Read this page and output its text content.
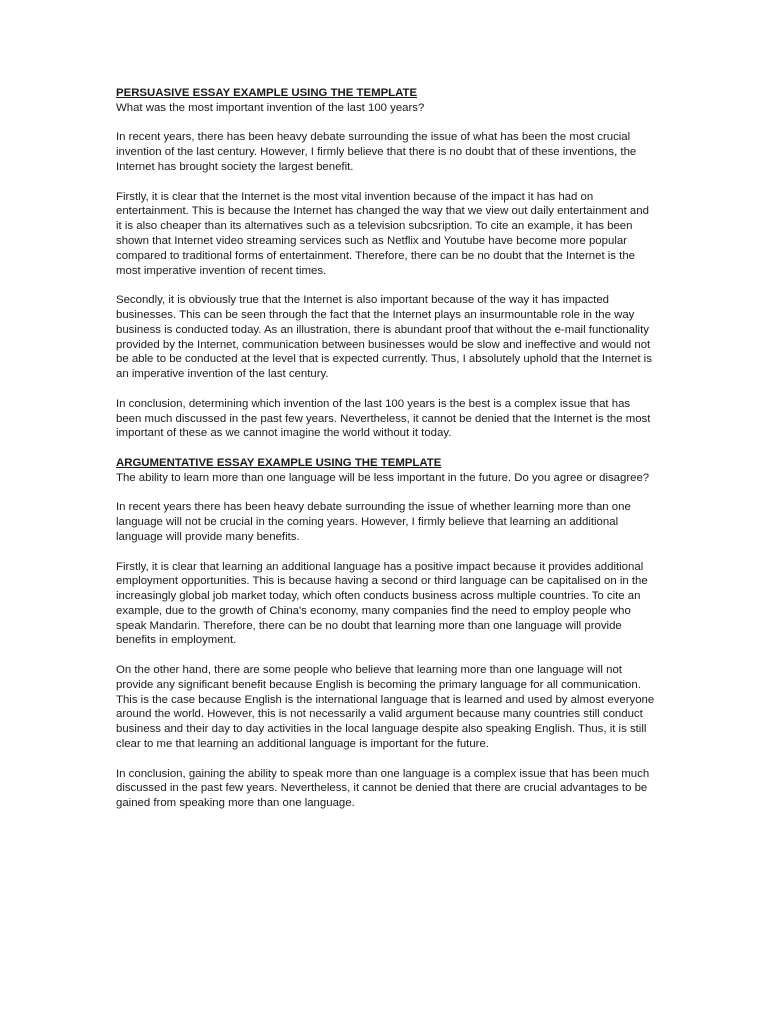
PERSUASIVE ESSAY EXAMPLE USING THE TEMPLATE
What was the most important invention of the last 100 years?
In recent years, there has been heavy debate surrounding the issue of what has been the most crucial invention of the last century. However, I firmly believe that there is no doubt that of these inventions, the Internet has brought society the largest benefit.
Firstly, it is clear that the Internet is the most vital invention because of the impact it has had on entertainment. This is because the Internet has changed the way that we view out daily entertainment and it is also cheaper than its alternatives such as a television subcsription. To cite an example, it has been shown that Internet video streaming services such as Netflix and Youtube have become more popular compared to traditional forms of entertainment. Therefore, there can be no doubt that the Internet is the most imperative invention of recent times.
Secondly, it is obviously true that the Internet is also important because of the way it has impacted businesses. This can be seen through the fact that the Internet plays an insurmountable role in the way business is conducted today. As an illustration, there is abundant proof that without the e-mail functionality provided by the Internet, communication between businesses would be slow and ineffective and would not be able to be conducted at the level that is expected currently. Thus, I absolutely uphold that the Internet is an imperative invention of the last century.
In conclusion, determining which invention of the last 100 years is the best is a complex issue that has been much discussed in the past few years. Nevertheless, it cannot be denied that the Internet is the most important of these as we cannot imagine the world without it today.
ARGUMENTATIVE ESSAY EXAMPLE USING THE TEMPLATE
The ability to learn more than one language will be less important in the future. Do you agree or disagree?
In recent years there has been heavy debate surrounding the issue of whether learning more than one language will not be crucial in the coming years. However, I firmly believe that learning an additional language will provide many benefits.
Firstly, it is clear that learning an additional language has a positive impact because it provides additional employment opportunities. This is because having a second or third language can be capitalised on in the increasingly global job market today, which often conducts business across multiple countries. To cite an example, due to the growth of China's economy, many companies find the need to employ people who speak Mandarin. Therefore, there can be no doubt that learning more than one language will provide benefits in employment.
On the other hand, there are some people who believe that learning more than one language will not provide any significant benefit because English is becoming the primary language for all communication. This is the case because English is the international language that is learned and used by almost everyone around the world. However, this is not necessarily a valid argument because many countries still conduct business and their day to day activities in the local language despite also speaking English. Thus, it is still clear to me that learning an additional language is important for the future.
In conclusion, gaining the ability to speak more than one language is a complex issue that has been much discussed in the past few years. Nevertheless, it cannot be denied that there are crucial advantages to be gained from speaking more than one language.
